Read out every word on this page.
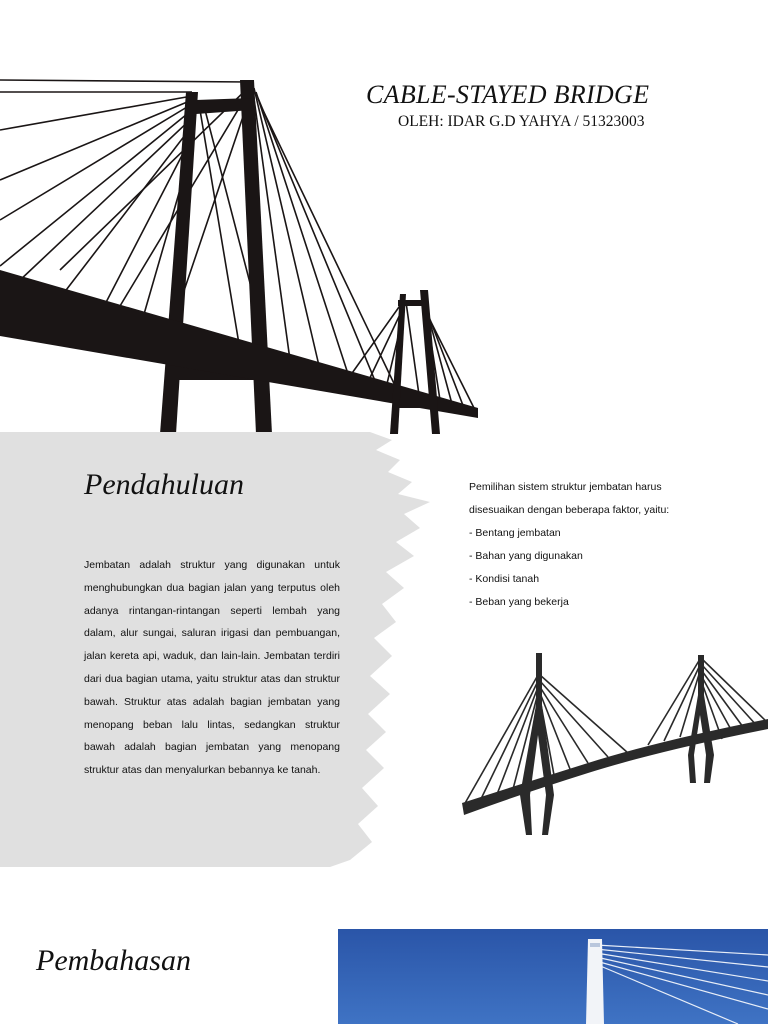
CABLE-STAYED BRIDGE
OLEH: IDAR G.D YAHYA / 51323003
Pendahuluan
Jembatan adalah struktur yang digunakan untuk menghubungkan dua bagian jalan yang terputus oleh adanya rintangan-rintangan seperti lembah yang dalam, alur sungai, saluran irigasi dan pembuangan, jalan kereta api, waduk, dan lain-lain. Jembatan terdiri dari dua bagian utama, yaitu struktur atas dan struktur bawah. Struktur atas adalah bagian jembatan yang menopang beban lalu lintas, sedangkan struktur bawah adalah bagian jembatan yang menopang struktur atas dan menyalurkan bebannya ke tanah.
Pemilihan sistem struktur jembatan harus
disesuaikan dengan beberapa faktor, yaitu:
- Bentang jembatan
- Bahan yang digunakan
- Kondisi tanah
- Beban yang bekerja
Pembahasan
